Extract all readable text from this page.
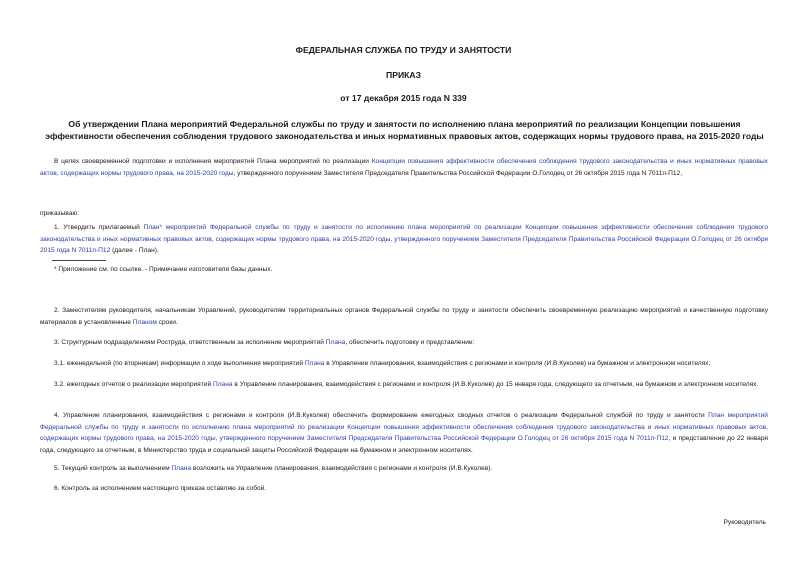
ФЕДЕРАЛЬНАЯ СЛУЖБА ПО ТРУДУ И ЗАНЯТОСТИ
ПРИКАЗ
от 17 декабря 2015 года N 339
Об утверждении Плана мероприятий Федеральной службы по труду и занятости по исполнению плана мероприятий по реализации Концепции повышения эффективности обеспечения соблюдения трудового законодательства и иных нормативных правовых актов, содержащих нормы трудового права, на 2015-2020 годы

В целях своевременной подготовки и исполнения мероприятий Плана мероприятий по реализации Концепции повышения эффективности обеспечения соблюдения трудового законодательства и иных нормативных правовых актов, содержащих нормы трудового права, на 2015-2020 годы, утвержденного поручением Заместителя Председателя Правительства Российской Федерации О.Голодец от 26 октября 2015 года N 7011п-П12,

приказываю:

1. Утвердить прилагаемый План* мероприятий Федеральной службы по труду и занятости по исполнению плана мероприятий по реализации Концепции повышения эффективности обеспечения соблюдения трудового законодательства и иных нормативных правовых актов, содержащих нормы трудового права, на 2015-2020 годы, утвержденного поручением Заместителя Председателя Правительства Российской Федерации О.Голодец от 26 октября 2015 года N 7011п-П12 (далее - План).

* Приложение см. по ссылке. - Примечание изготовителя базы данных.

2. Заместителям руководителя, начальникам Управлений, руководителям территориальных органов Федеральной службы по труду и занятости обеспечить своевременную реализацию мероприятий и качественную подготовку материалов в установленные Планом сроки.

3. Структурным подразделениям Роструда, ответственным за исполнение мероприятий Плана, обеспечить подготовку и представление:

3.1. еженедельной (по вторникам) информации о ходе выполнения мероприятий Плана в Управление планирования, взаимодействия с регионами и контроля (И.В.Куколев) на бумажном и электронном носителях;

3.2. ежегодных отчетов о реализации мероприятий Плана в Управление планирования, взаимодействия с регионами и контроля (И.В.Куколев) до 15 января года, следующего за отчетным, на бумажном и электронном носителях.

4. Управление планирования, взаимодействия с регионами и контроля (И.В.Куколев) обеспечить формирование ежегодных сводных отчетов о реализации Федеральной службой по труду и занятости План мероприятий Федеральной службы по труду и занятости по исполнению плана мероприятий по реализации Концепции повышения эффективности обеспечения соблюдения трудового законодательства и иных нормативных правовых актов, содержащих нормы трудового права, на 2015-2020 годы, утвержденного поручением Заместителя Председателя Правительства Российской Федерации О.Голодец от 26 октября 2015 года N 7011п-П12, и представление до 22 января года, следующего за отчетным, в Министерство труда и социальной защиты Российской Федерации на бумажном и электронном носителях.

5. Текущий контроль за выполнением Плана возложить на Управление планирования, взаимодействия с регионами и контроля (И.В.Куколев).

6. Контроль за исполнением настоящего приказа оставляю за собой.

Руководитель
